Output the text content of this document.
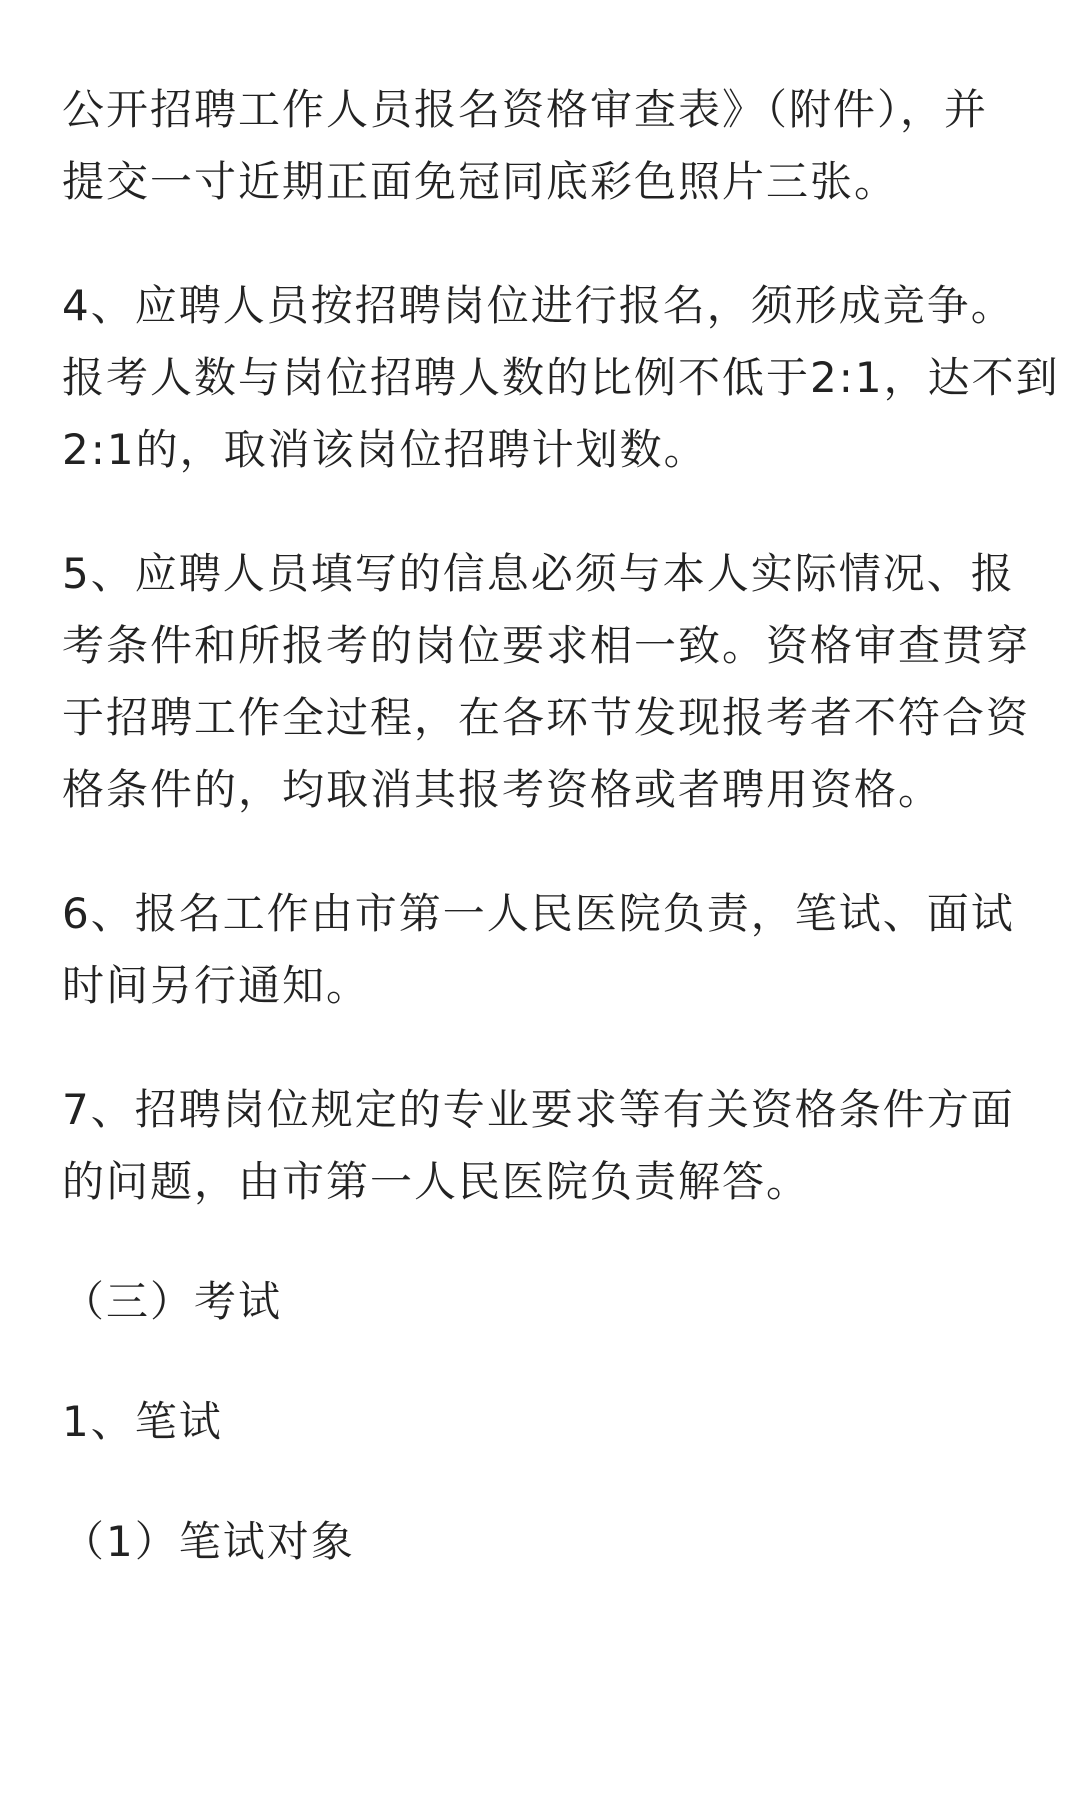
公开招聘工作人员报名资格审查表》（附件），并
提交一寸近期正面免冠同底彩色照片三张。

4、应聘人员按招聘岗位进行报名，须形成竞争。
报考人数与岗位招聘人数的比例不低于2:1，达不到
2:1的，取消该岗位招聘计划数。

5、应聘人员填写的信息必须与本人实际情况、报
考条件和所报考的岗位要求相一致。资格审查贯穿
于招聘工作全过程，在各环节发现报考者不符合资
格条件的，均取消其报考资格或者聘用资格。

6、报名工作由市第一人民医院负责，笔试、面试
时间另行通知。

7、招聘岗位规定的专业要求等有关资格条件方面
的问题，由市第一人民医院负责解答。

（三）考试

1、笔试

（1）笔试对象
